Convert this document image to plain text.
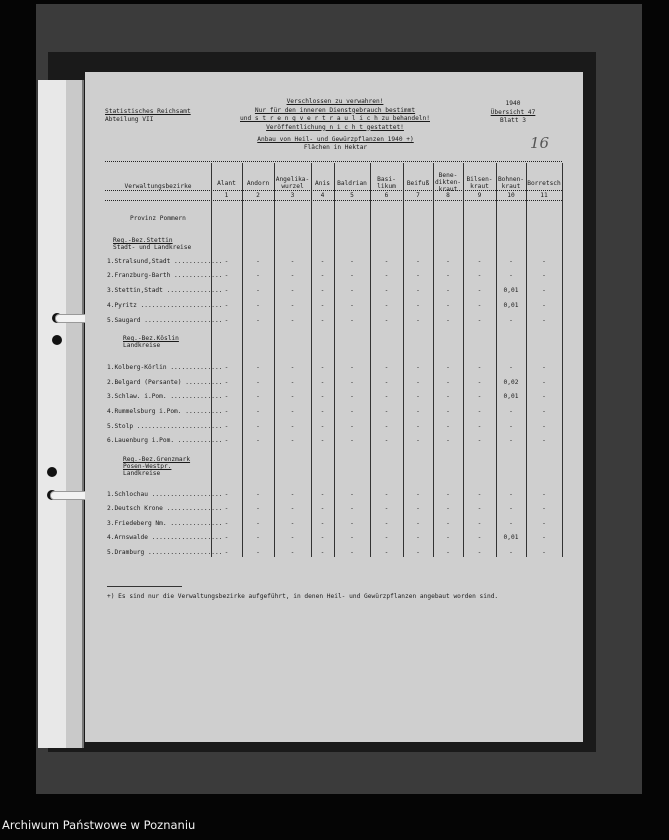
Statistisches Reichsamt
Abteilung VII
Verschlossen zu verwahren!
Nur für den inneren Dienstgebrauch bestimmt
und s t r e n g v e r t r a u l i c h zu behandeln!
Veröffentlichung n i c h t gestattet!
1940
Übersicht 47
Blatt 3
16
Anbau von Heil- und Gewürzpflanzen 1940 +)
Flächen in Hektar
Verwaltungsbezirke	Alant	Andorn
Angelika-
wurzel	Anis	Baldrian
Basi-
likum	Beifuß
Bene-
dikten-
kraut
Bilsen-
kraut
Bohnen-
kraut	Borretsch
1	2	3	4	5	6	7	8	9	10	11
Provinz Pommern
Reg.-Bez.Stettin
Stadt- und Landkreise
Reg.-Bez.Köslin
Landkreise
Reg.-Bez.Grenzmark
Posen-Westpr.
Landkreise
1.Stralsund,Stadt ............. -	-	-	-	-	-	-	-	-	-	-
2.Franzburg-Barth ............. -	-	-	-	-	-	-	-	-	-	-
3.Stettin,Stadt ............... -	-	-	-	-	-	-	-	-	0,01	-
4.Pyritz ...................... -	-	-	-	-	-	-	-	-	0,01	-
5.Saugard ..................... -	-	-	-	-	-	-	-	-	-	-
1.Kolberg-Körlin .............. -	-	-	-	-	-	-	-	-	-	-
2.Belgard (Persante) .......... -	-	-	-	-	-	-	-	-	0,02	-
3.Schlaw. i.Pom. .............. -	-	-	-	-	-	-	-	-	0,01	-
4.Rummelsburg i.Pom. .......... -	-	-	-	-	-	-	-	-	-	-
5.Stolp ....................... -	-	-	-	-	-	-	-	-	-	-
6.Lauenburg i.Pom. ............ -	-	-	-	-	-	-	-	-	-	-
1.Schlochau ................... -	-	-	-	-	-	-	-	-	-	-
2.Deutsch Krone ............... -	-	-	-	-	-	-	-	-	-	-
3.Friedeberg Nm. .............. -	-	-	-	-	-	-	-	-	-	-
4.Arnswalde ................... -	-	-	-	-	-	-	-	-	0,01	-
5.Dramburg .................... -	-	-	-	-	-	-	-	-	-	-
+) Es sind nur die Verwaltungsbezirke aufgeführt, in denen Heil- und Gewürzpflanzen angebaut worden sind.
Archiwum Państwowe w Poznaniu
